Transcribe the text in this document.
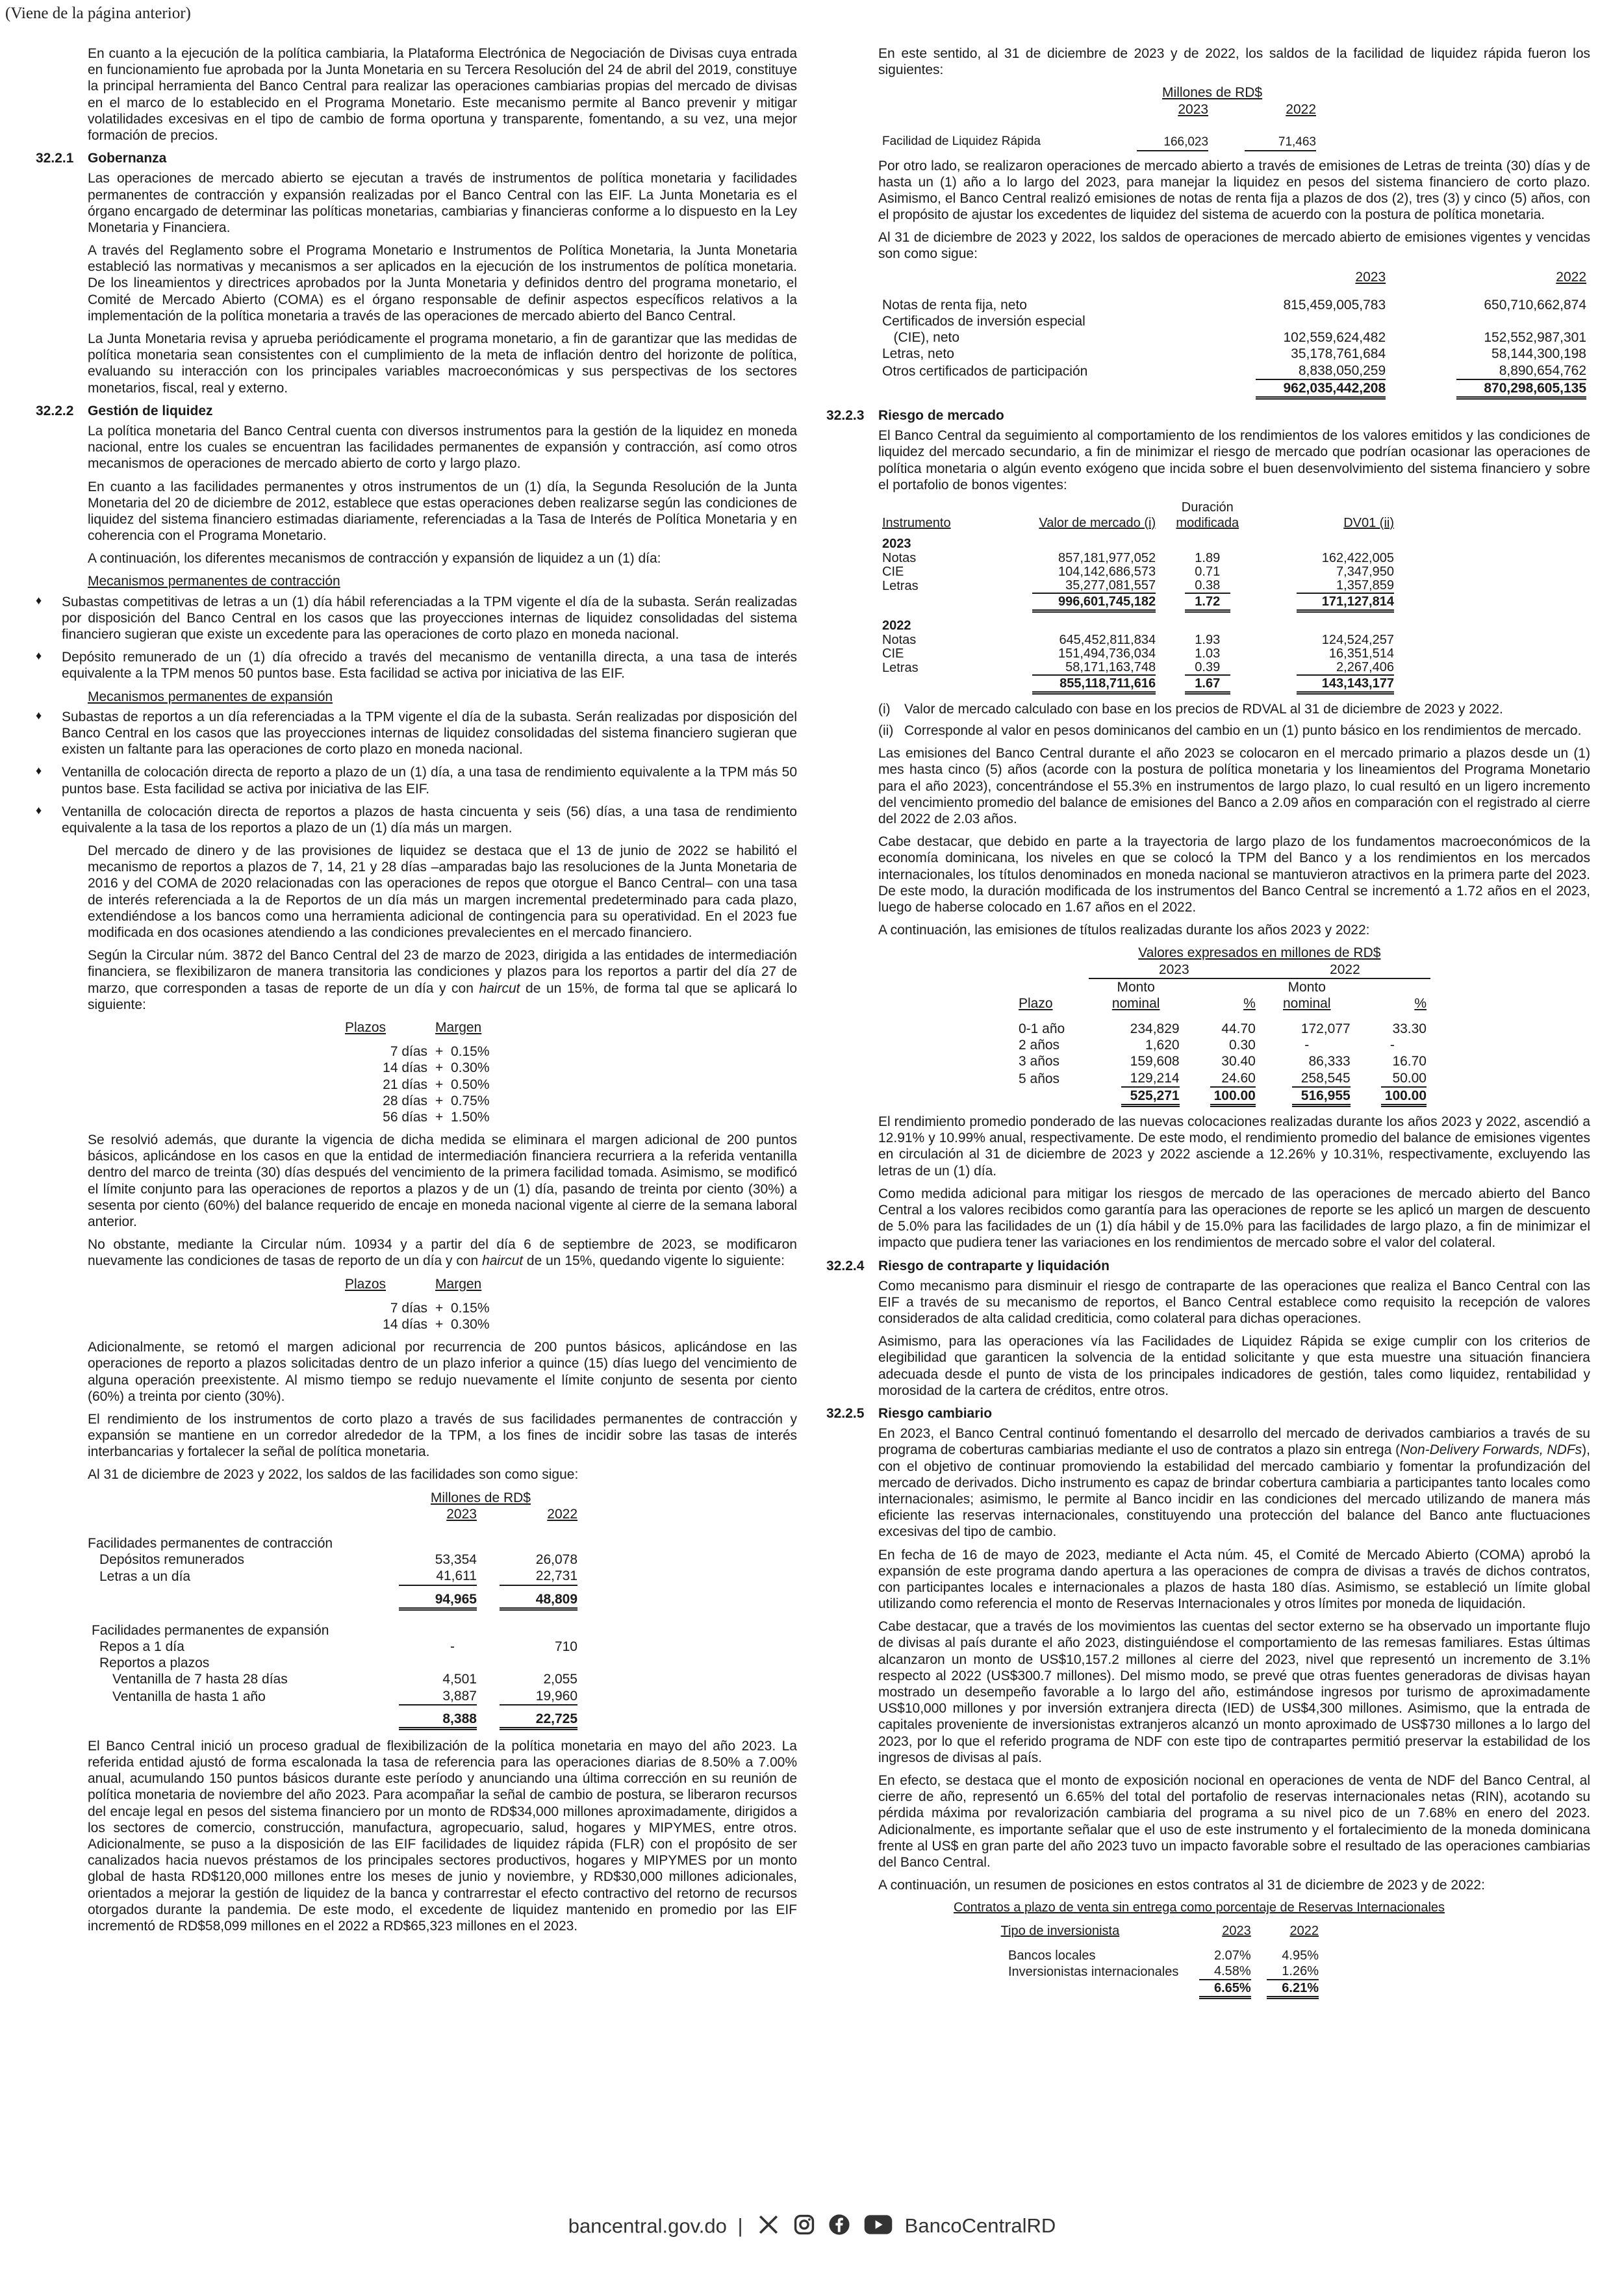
(Viene de la página anterior)

En cuanto a la ejecución de la política cambiaria, la Plataforma Electrónica de Negociación de Divisas cuya entrada en funcionamiento fue aprobada por la Junta Monetaria en su Tercera Resolución del 24 de abril del 2019, constituye la principal herramienta del Banco Central para realizar las operaciones cambiarias propias del mercado de divisas en el marco de lo establecido en el Programa Monetario. Este mecanismo permite al Banco prevenir y mitigar volatilidades excesivas en el tipo de cambio de forma oportuna y transparente, fomentando, a su vez, una mejor formación de precios.

32.2.1 Gobernanza

Las operaciones de mercado abierto se ejecutan a través de instrumentos de política monetaria y facilidades permanentes de contracción y expansión realizadas por el Banco Central con las EIF. La Junta Monetaria es el órgano encargado de determinar las políticas monetarias, cambiarias y financieras conforme a lo dispuesto en la Ley Monetaria y Financiera.

A través del Reglamento sobre el Programa Monetario e Instrumentos de Política Monetaria, la Junta Monetaria estableció las normativas y mecanismos a ser aplicados en la ejecución de los instrumentos de política monetaria. De los lineamientos y directrices aprobados por la Junta Monetaria y definidos dentro del programa monetario, el Comité de Mercado Abierto (COMA) es el órgano responsable de definir aspectos específicos relativos a la implementación de la política monetaria a través de las operaciones de mercado abierto del Banco Central.

La Junta Monetaria revisa y aprueba periódicamente el programa monetario, a fin de garantizar que las medidas de política monetaria sean consistentes con el cumplimiento de la meta de inflación dentro del horizonte de política, evaluando su interacción con los principales variables macroeconómicas y sus perspectivas de los sectores monetarios, fiscal, real y externo.

32.2.2 Gestión de liquidez

La política monetaria del Banco Central cuenta con diversos instrumentos para la gestión de la liquidez en moneda nacional, entre los cuales se encuentran las facilidades permanentes de expansión y contracción, así como otros mecanismos de operaciones de mercado abierto de corto y largo plazo.

En cuanto a las facilidades permanentes y otros instrumentos de un (1) día, la Segunda Resolución de la Junta Monetaria del 20 de diciembre de 2012, establece que estas operaciones deben realizarse según las condiciones de liquidez del sistema financiero estimadas diariamente, referenciadas a la Tasa de Interés de Política Monetaria y en coherencia con el Programa Monetario.

A continuación, los diferentes mecanismos de contracción y expansión de liquidez a un (1) día:

Mecanismos permanentes de contracción

♦ Subastas competitivas de letras a un (1) día hábil referenciadas a la TPM vigente el día de la subasta. Serán realizadas por disposición del Banco Central en los casos que las proyecciones internas de liquidez consolidadas del sistema financiero sugieran que existe un excedente para las operaciones de corto plazo en moneda nacional.
♦ Depósito remunerado de un (1) día ofrecido a través del mecanismo de ventanilla directa, a una tasa de interés equivalente a la TPM menos 50 puntos base. Esta facilidad se activa por iniciativa de las EIF.

Mecanismos permanentes de expansión

♦ Subastas de reportos a un día referenciadas a la TPM vigente el día de la subasta. Serán realizadas por disposición del Banco Central en los casos que las proyecciones internas de liquidez consolidadas del sistema financiero sugieran que existen un faltante para las operaciones de corto plazo en moneda nacional.
♦ Ventanilla de colocación directa de reporto a plazo de un (1) día, a una tasa de rendimiento equivalente a la TPM más 50 puntos base. Esta facilidad se activa por iniciativa de las EIF.
♦ Ventanilla de colocación directa de reportos a plazos de hasta cincuenta y seis (56) días, a una tasa de rendimiento equivalente a la tasa de los reportos a plazo de un (1) día más un margen.

Del mercado de dinero y de las provisiones de liquidez se destaca que el 13 de junio de 2022 se habilitó el mecanismo de reportos a plazos de 7, 14, 21 y 28 días –amparadas bajo las resoluciones de la Junta Monetaria de 2016 y del COMA de 2020 relacionadas con las operaciones de repos que otorgue el Banco Central– con una tasa de interés referenciada a la de Reportos de un día más un margen incremental predeterminado para cada plazo, extendiéndose a los bancos como una herramienta adicional de contingencia para su operatividad. En el 2023 fue modificada en dos ocasiones atendiendo a las condiciones prevalecientes en el mercado financiero.

Según la Circular núm. 3872 del Banco Central del 23 de marzo de 2023, dirigida a las entidades de intermediación financiera, se flexibilizaron de manera transitoria las condiciones y plazos para los reportos a partir del día 27 de marzo, que corresponden a tasas de reporte de un día y con haircut de un 15%, de forma tal que se aplicará lo siguiente:

Plazos	Margen

7 días	+  0.15%
14 días	+  0.30%
21 días	+  0.50%
28 días	+  0.75%
56 días	+  1.50%

Se resolvió además, que durante la vigencia de dicha medida se eliminara el margen adicional de 200 puntos básicos, aplicándose en los casos en que la entidad de intermediación financiera recurriera a la referida ventanilla dentro del marco de treinta (30) días después del vencimiento de la primera facilidad tomada. Asimismo, se modificó el límite conjunto para las operaciones de reportos a plazos y de un (1) día, pasando de treinta por ciento (30%) a sesenta por ciento (60%) del balance requerido de encaje en moneda nacional vigente al cierre de la semana laboral anterior.

No obstante, mediante la Circular núm. 10934 y a partir del día 6 de septiembre de 2023, se modificaron nuevamente las condiciones de tasas de reporto de un día y con haircut de un 15%, quedando vigente lo siguiente:

Plazos	Margen

7 días	+  0.15%
14 días	+  0.30%

Adicionalmente, se retomó el margen adicional por recurrencia de 200 puntos básicos, aplicándose en las operaciones de reporto a plazos solicitadas dentro de un plazo inferior a quince (15) días luego del vencimiento de alguna operación preexistente. Al mismo tiempo se redujo nuevamente el límite conjunto de sesenta por ciento (60%) a treinta por ciento (30%).

El rendimiento de los instrumentos de corto plazo a través de sus facilidades permanentes de contracción y expansión se mantiene en un corredor alrededor de la TPM, a los fines de incidir sobre las tasas de interés interbancarias y fortalecer la señal de política monetaria.

Al 31 de diciembre de 2023 y 2022, los saldos de las facilidades son como sigue:

	Millones de RD$	
	2023	2022

Facilidades permanentes de contracción		
Depósitos remunerados	53,354	26,078
Letras a un día	41,611	22,731

	94,965	48,809

Facilidades permanentes de expansión		
Repos a 1 día	-	710
Reportos a plazos		
Ventanilla de 7 hasta 28 días	4,501	2,055
Ventanilla de hasta 1 año	3,887	19,960

	8,388	22,725

El Banco Central inició un proceso gradual de flexibilización de la política monetaria en mayo del año 2023. La referida entidad ajustó de forma escalonada la tasa de referencia para las operaciones diarias de 8.50% a 7.00% anual, acumulando 150 puntos básicos durante este período y anunciando una última corrección en su reunión de política monetaria de noviembre del año 2023. Para acompañar la señal de cambio de postura, se liberaron recursos del encaje legal en pesos del sistema financiero por un monto de RD$34,000 millones aproximadamente, dirigidos a los sectores de comercio, construcción, manufactura, agropecuario, salud, hogares y MIPYMES, entre otros. Adicionalmente, se puso a la disposición de las EIF facilidades de liquidez rápida (FLR) con el propósito de ser canalizados hacia nuevos préstamos de los principales sectores productivos, hogares y MIPYMES por un monto global de hasta RD$120,000 millones entre los meses de junio y noviembre, y RD$30,000 millones adicionales, orientados a mejorar la gestión de liquidez de la banca y contrarrestar el efecto contractivo del retorno de recursos otorgados durante la pandemia. De este modo, el excedente de liquidez mantenido en promedio por las EIF incrementó de RD$58,099 millones en el 2022 a RD$65,323 millones en el 2023.

En este sentido, al 31 de diciembre de 2023 y de 2022, los saldos de la facilidad de liquidez rápida fueron los siguientes:

	Millones de RD$	
	2023	2022

Facilidad de Liquidez Rápida	166,023	71,463

Por otro lado, se realizaron operaciones de mercado abierto a través de emisiones de Letras de treinta (30) días y de hasta un (1) año a lo largo del 2023, para manejar la liquidez en pesos del sistema financiero de corto plazo. Asimismo, el Banco Central realizó emisiones de notas de renta fija a plazos de dos (2), tres (3) y cinco (5) años, con el propósito de ajustar los excedentes de liquidez del sistema de acuerdo con la postura de política monetaria.

Al 31 de diciembre de 2023 y 2022, los saldos de operaciones de mercado abierto de emisiones vigentes y vencidas son como sigue:

	2023	2022

Notas de renta fija, neto	815,459,005,783	650,710,662,874
Certificados de inversión especial		
(CIE), neto	102,559,624,482	152,552,987,301
Letras, neto	35,178,761,684	58,144,300,198
Otros certificados de participación	8,838,050,259	8,890,654,762
	962,035,442,208	870,298,605,135
32.2.3 Riesgo de mercado

El Banco Central da seguimiento al comportamiento de los rendimientos de los valores emitidos y las condiciones de liquidez del mercado secundario, a fin de minimizar el riesgo de mercado que podrían ocasionar las operaciones de política monetaria o algún evento exógeno que incida sobre el buen desenvolvimiento del sistema financiero y sobre el portafolio de bonos vigentes:

		Duración	
Instrumento	Valor de mercado (i)	modificada	DV01 (ii)
2023			
Notas	857,181,977,052	1.89	162,422,005
CIE	104,142,686,573	0.71	7,347,950
Letras	35,277,081,557	0.38	1,357,859
	996,601,745,182	1.72	171,127,814
2022			
Notas	645,452,811,834	1.93	124,524,257
CIE	151,494,736,034	1.03	16,351,514
Letras	58,171,163,748	0.39	2,267,406
	855,118,711,616	1.67	143,143,177
(i) Valor de mercado calculado con base en los precios de RDVAL al 31 de diciembre de 2023 y 2022.
(ii) Corresponde al valor en pesos dominicanos del cambio en un (1) punto básico en los rendimientos de mercado.

Las emisiones del Banco Central durante el año 2023 se colocaron en el mercado primario a plazos desde un (1) mes hasta cinco (5) años (acorde con la postura de política monetaria y los lineamientos del Programa Monetario para el año 2023), concentrándose el 55.3% en instrumentos de largo plazo, lo cual resultó en un ligero incremento del vencimiento promedio del balance de emisiones del Banco a 2.09 años en comparación con el registrado al cierre del 2022 de 2.03 años.

Cabe destacar, que debido en parte a la trayectoria de largo plazo de los fundamentos macroeconómicos de la economía dominicana, los niveles en que se colocó la TPM del Banco y a los rendimientos en los mercados internacionales, los títulos denominados en moneda nacional se mantuvieron atractivos en la primera parte del 2023. De este modo, la duración modificada de los instrumentos del Banco Central se incrementó a 1.72 años en el 2023, luego de haberse colocado en 1.67 años en el 2022.

A continuación, las emisiones de títulos realizadas durante los años 2023 y 2022:

	Valores expresados en millones de RD$			
	2023		2022	
	Monto		Monto	
Plazo	nominal	%	nominal	%

0-1 año	234,829	44.70	172,077	33.30
2 años	1,620	0.30	-	-
3 años	159,608	30.40	86,333	16.70
5 años	129,214	24.60	258,545	50.00
	525,271	100.00	516,955	100.00

El rendimiento promedio ponderado de las nuevas colocaciones realizadas durante los años 2023 y 2022, ascendió a 12.91% y 10.99% anual, respectivamente. De este modo, el rendimiento promedio del balance de emisiones vigentes en circulación al 31 de diciembre de 2023 y 2022 asciende a 12.26% y 10.31%, respectivamente, excluyendo las letras de un (1) día.

Como medida adicional para mitigar los riesgos de mercado de las operaciones de mercado abierto del Banco Central a los valores recibidos como garantía para las operaciones de reporte se les aplicó un margen de descuento de 5.0% para las facilidades de un (1) día hábil y de 15.0% para las facilidades de largo plazo, a fin de minimizar el impacto que pudiera tener las variaciones en los rendimientos de mercado sobre el valor del colateral.

32.2.4 Riesgo de contraparte y liquidación

Como mecanismo para disminuir el riesgo de contraparte de las operaciones que realiza el Banco Central con las EIF a través de su mecanismo de reportos, el Banco Central establece como requisito la recepción de valores considerados de alta calidad crediticia, como colateral para dichas operaciones.

Asimismo, para las operaciones vía las Facilidades de Liquidez Rápida se exige cumplir con los criterios de elegibilidad que garanticen la solvencia de la entidad solicitante y que esta muestre una situación financiera adecuada desde el punto de vista de los principales indicadores de gestión, tales como liquidez, rentabilidad y morosidad de la cartera de créditos, entre otros.

32.2.5 Riesgo cambiario

En 2023, el Banco Central continuó fomentando el desarrollo del mercado de derivados cambiarios a través de su programa de coberturas cambiarias mediante el uso de contratos a plazo sin entrega (Non-Delivery Forwards, NDFs), con el objetivo de continuar promoviendo la estabilidad del mercado cambiario y fomentar la profundización del mercado de derivados. Dicho instrumento es capaz de brindar cobertura cambiaria a participantes tanto locales como internacionales; asimismo, le permite al Banco incidir en las condiciones del mercado utilizando de manera más eficiente las reservas internacionales, constituyendo una protección del balance del Banco ante fluctuaciones excesivas del tipo de cambio.

En fecha de 16 de mayo de 2023, mediante el Acta núm. 45, el Comité de Mercado Abierto (COMA) aprobó la expansión de este programa dando apertura a las operaciones de compra de divisas a través de dichos contratos, con participantes locales e internacionales a plazos de hasta 180 días. Asimismo, se estableció un límite global utilizando como referencia el monto de Reservas Internacionales y otros límites por moneda de liquidación.

Cabe destacar, que a través de los movimientos las cuentas del sector externo se ha observado un importante flujo de divisas al país durante el año 2023, distinguiéndose el comportamiento de las remesas familiares. Estas últimas alcanzaron un monto de US$10,157.2 millones al cierre del 2023, nivel que representó un incremento de 3.1% respecto al 2022 (US$300.7 millones). Del mismo modo, se prevé que otras fuentes generadoras de divisas hayan mostrado un desempeño favorable a lo largo del año, estimándose ingresos por turismo de aproximadamente US$10,000 millones y por inversión extranjera directa (IED) de US$4,300 millones. Asimismo, que la entrada de capitales proveniente de inversionistas extranjeros alcanzó un monto aproximado de US$730 millones a lo largo del 2023, por lo que el referido programa de NDF con este tipo de contrapartes permitió preservar la estabilidad de los ingresos de divisas al país.

En efecto, se destaca que el monto de exposición nocional en operaciones de venta de NDF del Banco Central, al cierre de año, representó un 6.65% del total del portafolio de reservas internacionales netas (RIN), acotando su pérdida máxima por revalorización cambiaria del programa a su nivel pico de un 7.68% en enero del 2023. Adicionalmente, es importante señalar que el uso de este instrumento y el fortalecimiento de la moneda dominicana frente al US$ en gran parte del año 2023 tuvo un impacto favorable sobre el resultado de las operaciones cambiarias del Banco Central.

A continuación, un resumen de posiciones en estos contratos al 31 de diciembre de 2023 y de 2022:

Contratos a plazo de venta sin entrega como porcentaje de Reservas Internacionales		

Tipo de inversionista	2023	2022

Bancos locales	2.07%	4.95%
Inversionistas internacionales	4.58%	1.26%
	6.65%	6.21%
bancentral.gov.do |	BancoCentralRD
